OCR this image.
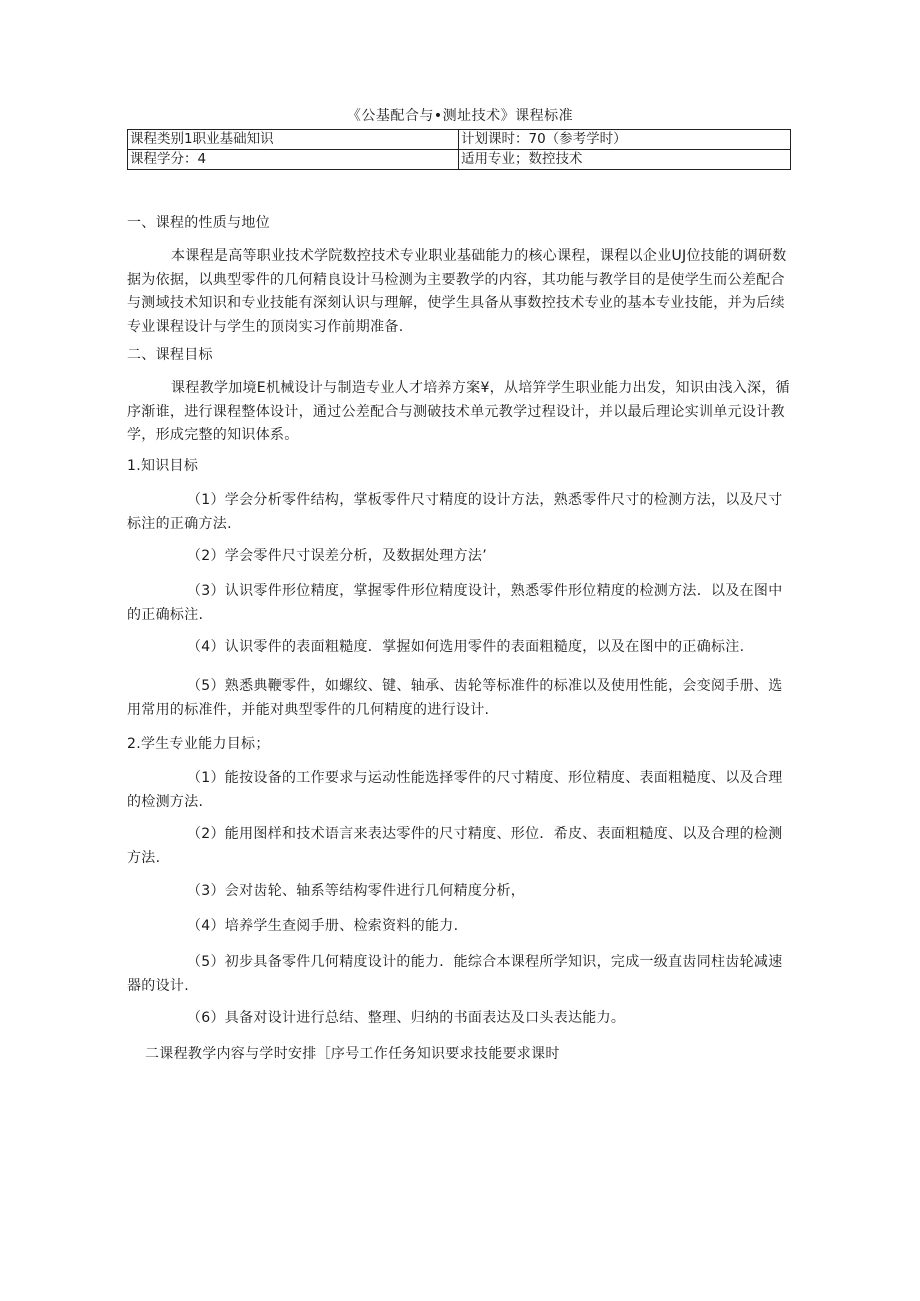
《公基配合与•测址技术》课程标准
课程类别1职业基础知识	计划课时：70（参考学时）
课程学分：4	适用专业；数控技术

一、课程的性质与地位

本课程是高等职业技术学院数控技术专业职业基础能力的核心课程，课程以企业UJ位技能的调研数据为依据，以典型零件的几何精良设计马检测为主要教学的内容，其功能与教学目的是使学生而公差配合与测域技术知识和专业技能有深刻认识与理解，使学生具备从事数控技术专业的基本专业技能，并为后续专业课程设计与学生的顶岗实习作前期准备.

二、课程目标

课程教学加境E机械设计与制造专业人才培养方案¥，从培笄学生职业能力出发，知识由浅入深，循序渐谁，进行课程整体设计，通过公差配合与测破技术单元教学过程设计，并以最后理论实训单元设计教学，形成完整的知识体系。

1.知识目标

（1）学会分析零件结构，掌板零件尺寸精度的设计方法，熟悉零件尺寸的检测方法，以及尺寸标注的正确方法.

（2）学会零件尺寸误差分析，及数据处理方法’

（3）认识零件形位精度，掌握零件形位精度设计，熟悉零件形位精度的检测方法．以及在图中的正确标注.

（4）认识零件的表面粗糙度．掌握如何选用零件的表面粗糙度，以及在图中的正确标注.

（5）熟悉典鞭零件，如螺纹、键、轴承、齿轮等标准件的标准以及使用性能，会变阅手册、选用常用的标准件，并能对典型零件的几何精度的进行设计.

2.学生专业能力目标；

（1）能按设备的工作要求与运动性能选择零件的尺寸精度、形位精度、表面粗糙度、以及合理的检测方法.

（2）能用图样和技术语言来表达零件的尺寸精度、形位．希皮、表面粗糙度、以及合理的检测方法.

（3）会对齿轮、轴系等结构零件进行几何精度分析，

（4）培养学生查阅手册、检索资料的能力.

（5）初步具备零件几何精度设计的能力．能综合本课程所学知识，完成一级直齿同柱齿轮减速器的设计.

（6）具备对设计进行总结、整理、归纳的书面表达及口头表达能力。

二课程教学内容与学时安排［序号工作任务知识要求技能要求课时
